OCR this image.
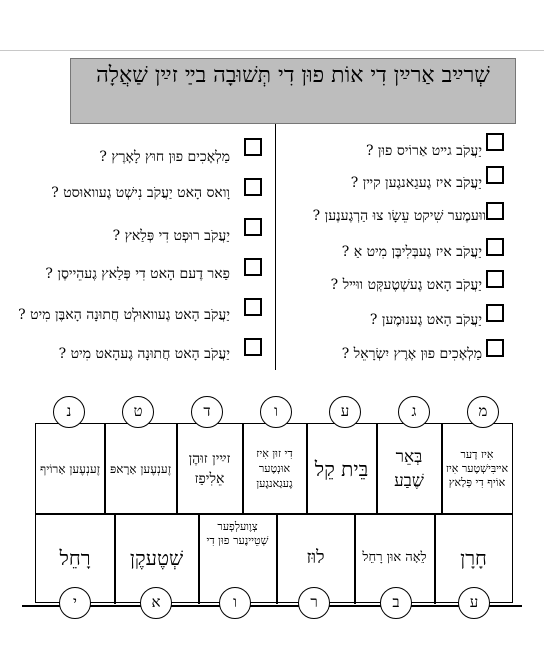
שְׁרײַב אַרײַן דִי אוֹת פוּן דִי תְּשׁוּבָה בײַ זײַן שַׁאֲלָה
יַעֲקֹב גײט אַרוֹיס פוּן ?
יַעֲקֹב איז גֶעגַאנגֶען קײן ?
ווּעמֶער שִׁיקט עֵשָׂו צוּ הַרְגֶענֶען ?
יַעֲקֹב איז גֶעבְּלִיבֶּן מִיט אַ ?
יַעֲקֹב הָאט גֶעשְׁטֶעקְּט ווּײל ?
יַעֲקֹב הָאט גֶענוּמֶען ?
מַלְאָכִים פוּן אֶרֶץ יִשְׂרָאֵל ?
מַלְאָכִים פוּן חוּץ לָאָרֶץ ?
וָואס הָאט יַעֲקֹב נִישְׁט גֶעוואוּסט ?
יַעֲקֹב רוּפְט דִי פְּלַאץ ?
פַאר דֶעם הָאט דִי פְּלַאץ גֶעהֵייסֶן ?
יַעֲקֹב הָאט גֶעוואוּלְט חֲתוּנָה הָאבֶּן מִיט ?
יַעֲקֹב הָאט חֲתוּנָה גֶעהָאט מִיט ?
מ
ג
ע
ו
ד
ט
נ
אִיז דָער אײבִּישְׁטֶער אִיז אוֹיף דִי פְּלַאץ
בְּאֵר שֶׁבַע
בֵּית קֵל
דִי זוּן אִיז אוּנְטֶער גֶעגַאנגֶען
זײַין זוּהֶן אֵלִיפַז
זֶענְעֶען אַרָאפּ
זֶענְעֶען אַרוֹיף
חָרָן
לֵאָה אוּן רָחֵל
לוּז
צְוֶועלְפְער שְׁטֵיינֶער פוּן דִי
שְׁטֶעקֶן
רָחֵל
ע
ב
ר
ו
א
י
